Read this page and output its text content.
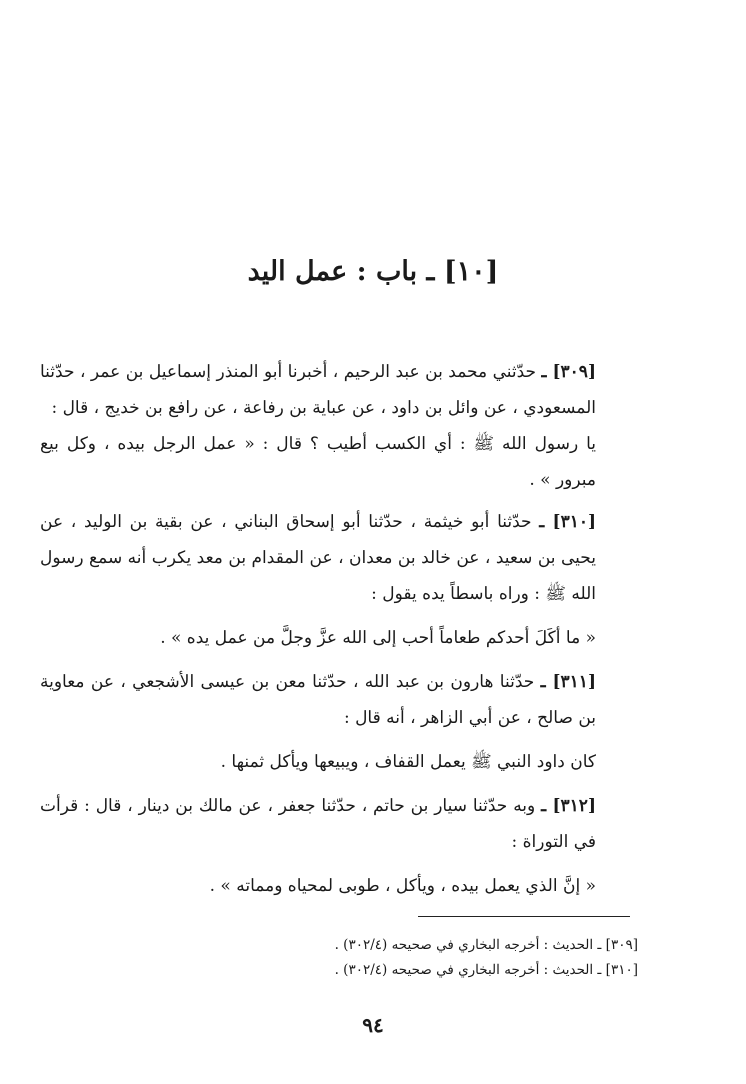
[١٠] ـ باب : عمل اليد

[٣٠٩] ـ حدّثني محمد بن عبد الرحيم ، أخبرنا أبو المنذر إسماعيل بن عمر ، حدّثنا المسعودي ، عن وائل بن داود ، عن عباية بن رفاعة ، عن رافع بن خديج ، قال :

يا رسول الله ﷺ : أي الكسب أطيب ؟ قال : « عمل الرجل بيده ، وكل بيع مبرور » .

[٣١٠] ـ حدّثنا أبو خيثمة ، حدّثنا أبو إسحاق البناني ، عن بقية بن الوليد ، عن يحيى بن سعيد ، عن خالد بن معدان ، عن المقدام بن معد يكرب أنه سمع رسول الله ﷺ : وراه باسطاً يده يقول :

« ما أكَلَ أحدكم طعاماً أحب إلى الله عزَّ وجلَّ من عمل يده » .

[٣١١] ـ حدّثنا هارون بن عبد الله ، حدّثنا معن بن عيسى الأشجعي ، عن معاوية بن صالح ، عن أبي الزاهر ، أنه قال :

كان داود النبي ﷺ يعمل القفاف ، ويبيعها ويأكل ثمنها .

[٣١٢] ـ وبه حدّثنا سيار بن حاتم ، حدّثنا جعفر ، عن مالك بن دينار ، قال : قرأت في التوراة :

« إنَّ الذي يعمل بيده ، ويأكل ، طوبى لمحياه ومماته » .

[٣٠٩] ـ الحديث : أخرجه البخاري في صحيحه (٣٠٢/٤) .

[٣١٠] ـ الحديث : أخرجه البخاري في صحيحه (٣٠٢/٤) .

٩٤
